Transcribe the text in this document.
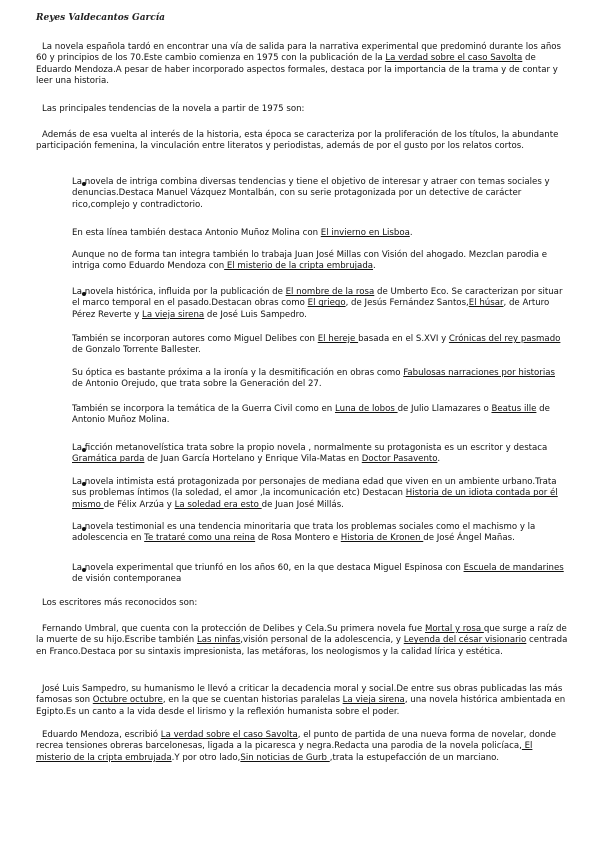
Reyes Valdecantos García

La novela española tardó en encontrar una vía de salida para la narrativa experimental que predominó durante los años 60 y principios de los 70.Este cambio comienza en 1975 con la publicación de la La verdad sobre el caso Savolta de Eduardo Mendoza.A pesar de haber incorporado aspectos formales, destaca por la importancia de la trama y de contar y leer una historia.

Las principales tendencias de la novela a partir de 1975 son:

Además de esa vuelta al interés de la historia, esta época se caracteriza por la proliferación de los títulos, la abundante participación femenina, la vinculación entre literatos y periodistas, además de por el gusto por los relatos cortos.

La novela de intriga combina diversas tendencias y tiene el objetivo de interesar y atraer con temas sociales y denuncias.Destaca Manuel Vázquez Montalbán, con su serie protagonizada por un detective de carácter rico,complejo y contradictorio.

En esta línea también destaca Antonio Muñoz Molina con El invierno en Lisboa.

Aunque no de forma tan integra también lo trabaja Juan José Millas con Visión del ahogado. Mezclan parodia e intriga como Eduardo Mendoza con El misterio de la cripta embrujada.

La novela histórica, influida por la publicación de El nombre de la rosa de Umberto Eco. Se caracterizan por situar el marco temporal en el pasado.Destacan obras como El griego, de Jesús Fernández Santos,El húsar, de Arturo Pérez Reverte y La vieja sirena de José Luis Sampedro.

También se incorporan autores como Miguel Delibes con El hereje basada en el S.XVI y Crónicas del rey pasmado de Gonzalo Torrente Ballester.

Su óptica es bastante próxima a la ironía y la desmitificación en obras como Fabulosas narraciones por historias de Antonio Orejudo, que trata sobre la Generación del 27.

También se incorpora la temática de la Guerra Civil como en Luna de lobos de Julio Llamazares o Beatus ille de Antonio Muñoz Molina.

La ficción metanovelística trata sobre la propio novela , normalmente su protagonista es un escritor y destaca Gramática parda de Juan García Hortelano y Enrique Vila-Matas en Doctor Pasavento.

La novela intimista está protagonizada por personajes de mediana edad que viven en un ambiente urbano.Trata sus problemas íntimos (la soledad, el amor ,la incomunicación etc) Destacan Historia de un idiota contada por él mismo de Félix Arzúa y La soledad era esto de Juan José Millás.

La novela testimonial es una tendencia minoritaria que trata los problemas sociales como el machismo y la adolescencia en Te trataré como una reina de Rosa Montero e Historia de Kronen de José Ángel Mañas.

La novela experimental que triunfó en los años 60, en la que destaca Miguel Espinosa con Escuela de mandarines de visión contemporanea

Los escritores más reconocidos son:

Fernando Umbral, que cuenta con la protección de Delibes y Cela.Su primera novela fue Mortal y rosa que surge a raíz de la muerte de su hijo.Escribe también Las ninfas,visión personal de la adolescencia, y Leyenda del césar visionario centrada en Franco.Destaca por su sintaxis impresionista, las metáforas, los neologismos y la calidad lírica y estética.

José Luis Sampedro, su humanismo le llevó a criticar la decadencia moral y social.De entre sus obras publicadas las más famosas son Octubre octubre, en la que se cuentan historias paralelas La vieja sirena, una novela histórica ambientada en Egipto.Es un canto a la vida desde el lirismo y la reflexión humanista sobre el poder.

Eduardo Mendoza, escribió La verdad sobre el caso Savolta, el punto de partida de una nueva forma de novelar, donde recrea tensiones obreras barcelonesas, ligada a la picaresca y negra.Redacta una parodia de la novela policíaca, El misterio de la cripta embrujada.Y por otro lado,Sin noticias de Gurb ,trata la estupefacción de un marciano.
